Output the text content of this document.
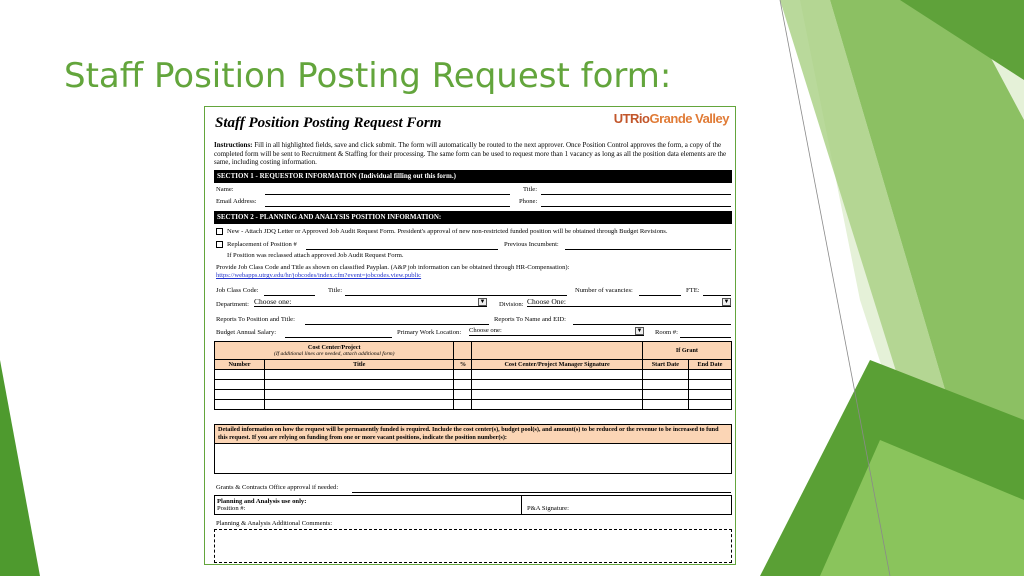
Staff Position Posting Request form:
Staff Position Posting Request Form	UTRioGrande Valley
Instructions: Fill in all highlighted fields, save and click submit. The form will automatically be routed to the next approver. Once Position Control approves the form, a copy of the completed form will be sent to Recruitment & Staffing for their processing. The same form can be used to request more than 1 vacancy as long as all the position data elements are the same, including costing information.
SECTION 1 - REQUESTOR INFORMATION (Individual filling out this form.)
Name:	Title:
Email Address:	Phone:
SECTION 2 - PLANNING AND ANALYSIS POSITION INFORMATION:
New - Attach JDQ Letter or Approved Job Audit Request Form. President's approval of new non-restricted funded position will be obtained through Budget Revisions.
Replacement of Position #	Previous Incumbent:
If Position was reclassed attach approved Job Audit Request Form.
Provide Job Class Code and Title as shown on classified Payplan. (A&P job information can be obtained through HR-Compensation):
https://webapps.utrgv.edu/hr/jobcodes/index.cfm?event=jobcodes.view.public
Job Class Code:	Title:	Number of vacancies:	FTE:
Department: Choose one:	▼ Division: Choose One:	▼
Reports To Position and Title:	Reports To Name and EID:
Budget Annual Salary:	Primary Work Location: Choose one:	▼ Room #:
Cost Center/Project
(If additional lines are needed, attach additional form)				If Grant	
Number	Title	%	Cost Center/Project Manager Signature	Start Date	End Date

Detailed information on how the request will be permanently funded is required. Include the cost center(s), budget pool(s), and amount(s) to be reduced or the revenue to be increased to fund this request. If you are relying on funding from one or more vacant positions, indicate the position number(s):
Grants & Contracts Office approval if needed:
Planning and Analysis use only:
Position #:	P&A Signature:
Planning & Analysis Additional Comments:
